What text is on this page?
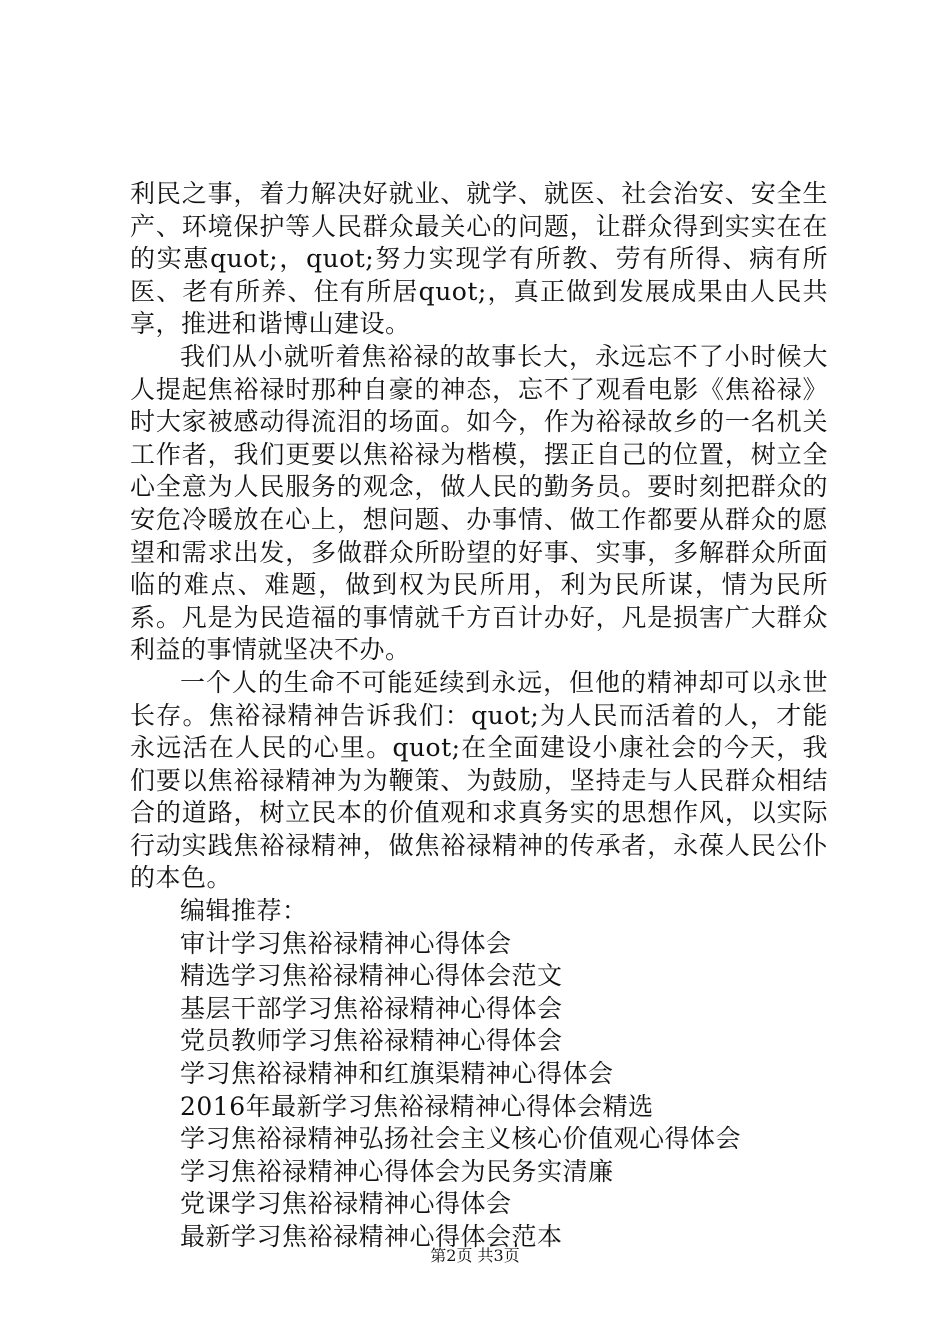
利民之事，着力解决好就业、就学、就医、社会治安、安全生产、环境保护等人民群众最关心的问题，让群众得到实实在在的实惠quot;，quot;努力实现学有所教、劳有所得、病有所医、老有所养、住有所居quot;，真正做到发展成果由人民共享，推进和谐博山建设。

我们从小就听着焦裕禄的故事长大，永远忘不了小时候大人提起焦裕禄时那种自豪的神态，忘不了观看电影《焦裕禄》时大家被感动得流泪的场面。如今，作为裕禄故乡的一名机关工作者，我们更要以焦裕禄为楷模，摆正自己的位置，树立全心全意为人民服务的观念，做人民的勤务员。要时刻把群众的安危冷暖放在心上，想问题、办事情、做工作都要从群众的愿望和需求出发，多做群众所盼望的好事、实事，多解群众所面临的难点、难题，做到权为民所用，利为民所谋，情为民所系。凡是为民造福的事情就千方百计办好，凡是损害广大群众利益的事情就坚决不办。

一个人的生命不可能延续到永远，但他的精神却可以永世长存。焦裕禄精神告诉我们：quot;为人民而活着的人，才能永远活在人民的心里。quot;在全面建设小康社会的今天，我们要以焦裕禄精神为为鞭策、为鼓励，坚持走与人民群众相结合的道路，树立民本的价值观和求真务实的思想作风，以实际行动实践焦裕禄精神，做焦裕禄精神的传承者，永葆人民公仆的本色。

编辑推荐：

审计学习焦裕禄精神心得体会

精选学习焦裕禄精神心得体会范文

基层干部学习焦裕禄精神心得体会

党员教师学习焦裕禄精神心得体会

学习焦裕禄精神和红旗渠精神心得体会

2016年最新学习焦裕禄精神心得体会精选

学习焦裕禄精神弘扬社会主义核心价值观心得体会

学习焦裕禄精神心得体会为民务实清廉

党课学习焦裕禄精神心得体会

最新学习焦裕禄精神心得体会范本

第2页 共3页
